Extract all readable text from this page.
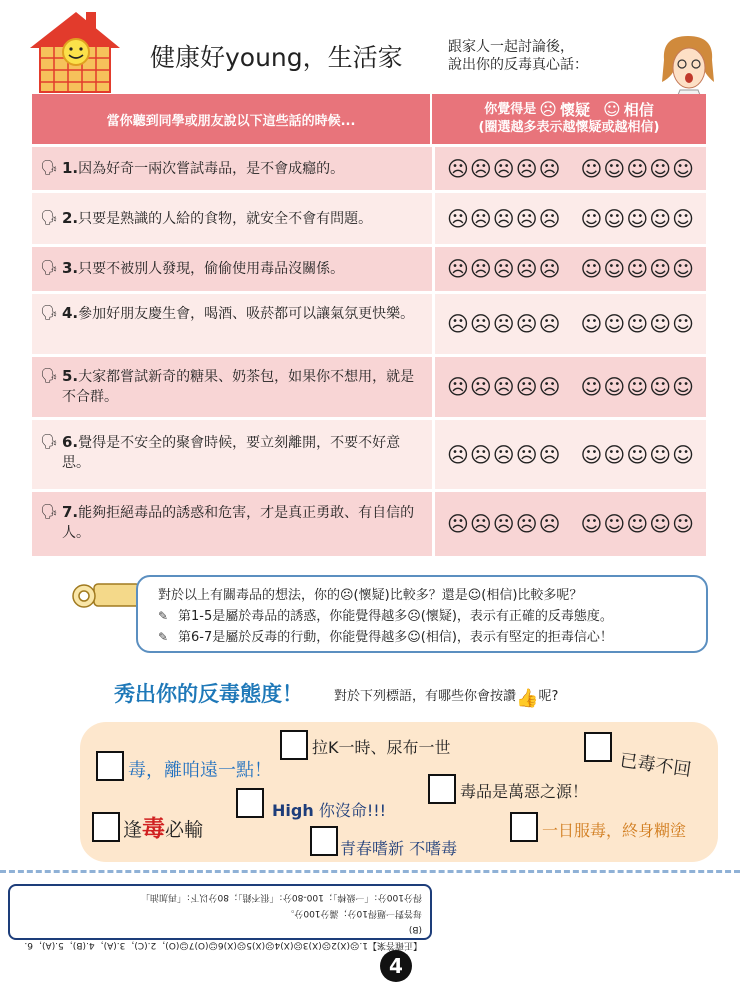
健康好young，生活家	跟家人一起討論後，
說出你的反毒真心話：
當你聽到同學或朋友說以下這些話的時候...
你覺得是 ☹ 懷疑 ☺ 相信
(圈選越多表示越懷疑或越相信)
🗣 1.因為好奇一兩次嘗試毒品，是不會成癮的。	☹ ☹ ☹ ☹ ☹ ☺ ☺ ☺ ☺ ☺
🗣 2.只要是熟識的人給的食物，就安全不會有問題。	☹ ☹ ☹ ☹ ☹ ☺ ☺ ☺ ☺ ☺
🗣 3.只要不被別人發現，偷偷使用毒品沒關係。	☹ ☹ ☹ ☹ ☹ ☺ ☺ ☺ ☺ ☺
🗣 4.參加好朋友慶生會，喝酒、吸菸都可以讓氣氛更快樂。	☹ ☹ ☹ ☹ ☹ ☺ ☺ ☺ ☺ ☺
🗣 5.大家都嘗試新奇的糖果、奶茶包，如果你不想用，就是不合群。	☹ ☹ ☹ ☹ ☹ ☺ ☺ ☺ ☺ ☺
🗣 6.覺得是不安全的聚會時候，要立刻離開，不要不好意思。	☹ ☹ ☹ ☹ ☹ ☺ ☺ ☺ ☺ ☺
🗣 7.能夠拒絕毒品的誘惑和危害，才是真正勇敢、有自信的人。	☹ ☹ ☹ ☹ ☹ ☺ ☺ ☺ ☺ ☺
對於以上有關毒品的想法，你的☹(懷疑)比較多？還是☺(相信)比較多呢？
✎ 第1-5是屬於毒品的誘惑，你能覺得越多☹(懷疑)，表示有正確的反毒態度。
✎ 第6-7是屬於反毒的行動，你能覺得越多☺(相信)，表示有堅定的拒毒信心！
秀出你的反毒態度！ 對於下列標語，有哪些你會按讚👍呢?
毒，離咱遠一點！
拉K一時、尿布一世
已毒不回
毒品是萬惡之源！
High 你沒命!!!
逢毒必輸
青春嗜新 不嗜毒
一日服毒，終身糊塗
【正確答案】1.☹(X)2☹(X)3☹(X)4☹(X)5☹(X)6☺(O)7☺(O)，2.(C)，3.(A)，4.(B)，5.(A)，6.(B)
每答對一題得10分；滿分100分。
得分100分：「一級棒」；100-80分：「很不錯」；80分以下：「再加油」
4
